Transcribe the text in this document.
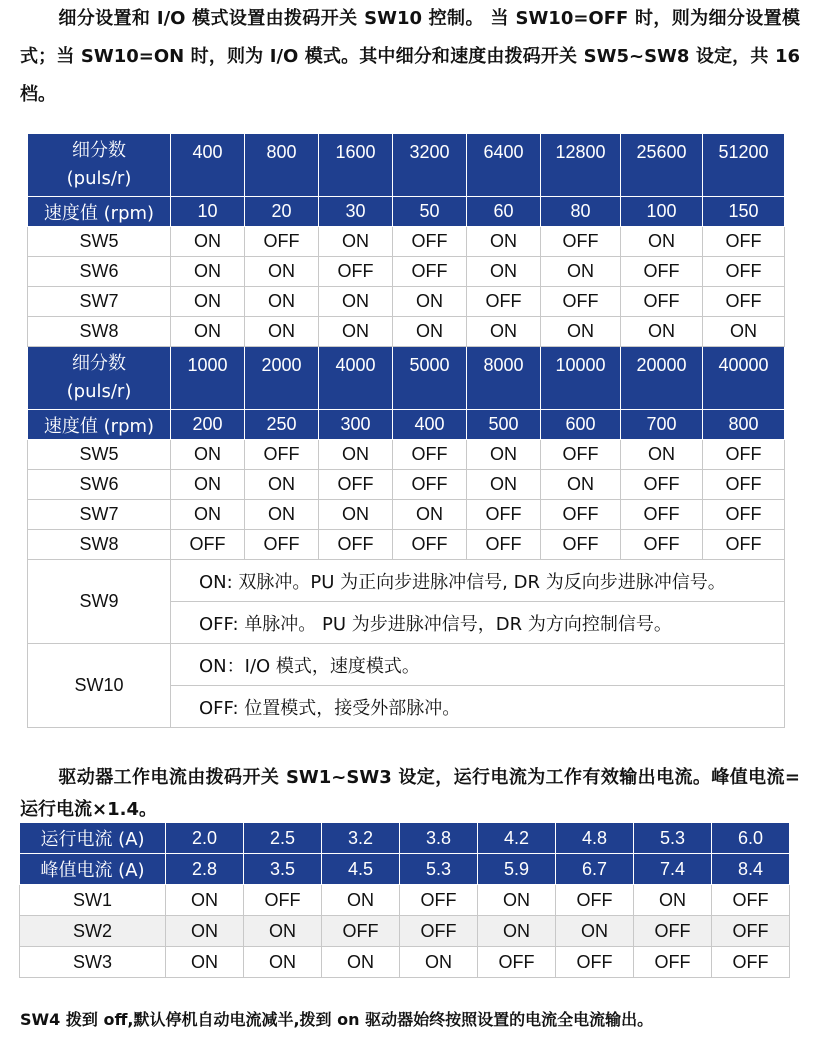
细分设置和 I/O 模式设置由拨码开关 SW10 控制。 当 SW10=OFF 时，则为细分设置模式；当 SW10=ON 时，则为 I/O 模式。其中细分和速度由拨码开关 SW5~SW8 设定，共 16 档。

细分数
(puls/r)	400	800	1600	3200	6400	12800	25600	51200
速度值 (rpm)	10	20	30	50	60	80	100	150
SW5	ON	OFF	ON	OFF	ON	OFF	ON	OFF
SW6	ON	ON	OFF	OFF	ON	ON	OFF	OFF
SW7	ON	ON	ON	ON	OFF	OFF	OFF	OFF
SW8	ON	ON	ON	ON	ON	ON	ON	ON
细分数
(puls/r)	1000	2000	4000	5000	8000	10000	20000	40000
速度值 (rpm)	200	250	300	400	500	600	700	800
SW5	ON	OFF	ON	OFF	ON	OFF	ON	OFF
SW6	ON	ON	OFF	OFF	ON	ON	OFF	OFF
SW7	ON	ON	ON	ON	OFF	OFF	OFF	OFF
SW8	OFF	OFF	OFF	OFF	OFF	OFF	OFF	OFF
SW9	ON: 双脉冲。PU 为正向步进脉冲信号, DR 为反向步进脉冲信号。							
	OFF: 单脉冲。 PU 为步进脉冲信号，DR 为方向控制信号。							
SW10	ON：I/O 模式，速度模式。							
	OFF: 位置模式，接受外部脉冲。							

驱动器工作电流由拨码开关 SW1~SW3 设定，运行电流为工作有效输出电流。峰值电流=运行电流×1.4。

运行电流 (A)	2.0	2.5	3.2	3.8	4.2	4.8	5.3	6.0
峰值电流 (A)	2.8	3.5	4.5	5.3	5.9	6.7	7.4	8.4
SW1	ON	OFF	ON	OFF	ON	OFF	ON	OFF
SW2	ON	ON	OFF	OFF	ON	ON	OFF	OFF
SW3	ON	ON	ON	ON	OFF	OFF	OFF	OFF

SW4 拨到 off,默认停机自动电流减半,拨到 on 驱动器始终按照设置的电流全电流输出。
